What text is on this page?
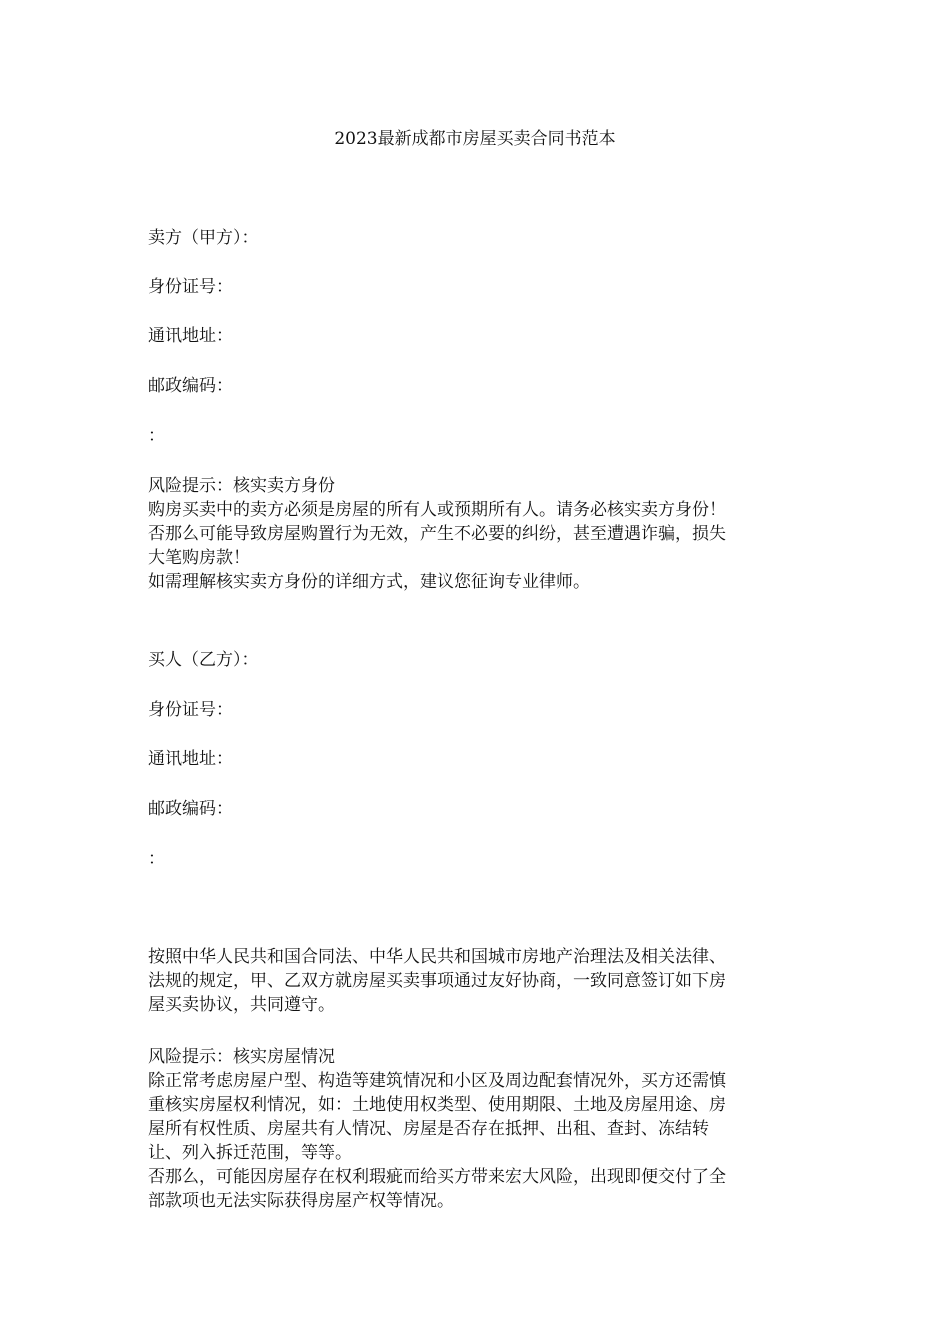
2023最新成都市房屋买卖合同书范本
卖方（甲方）：
身份证号：
通讯地址：
邮政编码：
：
风险提示：核实卖方身份
购房买卖中的卖方必须是房屋的所有人或预期所有人。请务必核实卖方身份！
否那么可能导致房屋购置行为无效，产生不必要的纠纷，甚至遭遇诈骗，损失
大笔购房款！
如需理解核实卖方身份的详细方式，建议您征询专业律师。
买人（乙方）：
身份证号：
通讯地址：
邮政编码：
：
按照中华人民共和国合同法、中华人民共和国城市房地产治理法及相关法律、
法规的规定，甲、乙双方就房屋买卖事项通过友好协商，一致同意签订如下房
屋买卖协议，共同遵守。
风险提示：核实房屋情况
除正常考虑房屋户型、构造等建筑情况和小区及周边配套情况外，买方还需慎
重核实房屋权利情况，如：土地使用权类型、使用期限、土地及房屋用途、房
屋所有权性质、房屋共有人情况、房屋是否存在抵押、出租、查封、冻结转
让、列入拆迁范围，等等。
否那么，可能因房屋存在权利瑕疵而给买方带来宏大风险，出现即便交付了全
部款项也无法实际获得房屋产权等情况。
